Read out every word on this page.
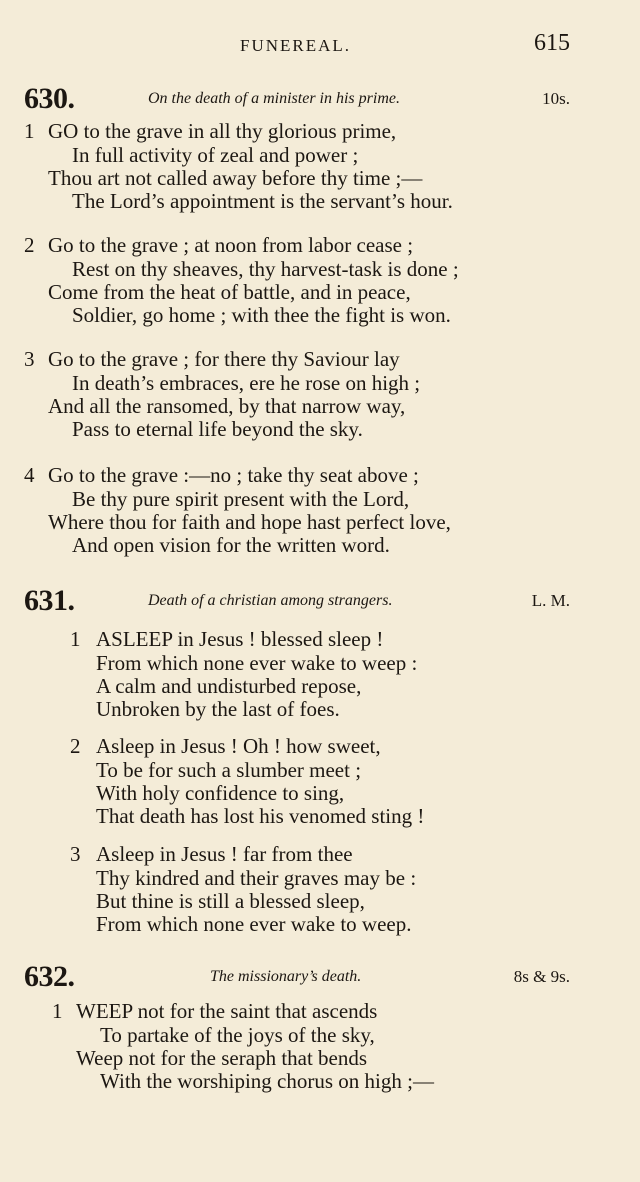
FUNEREAL.	615
630.	On the death of a minister in his prime.	10s.
1 GO to the grave in all thy glorious prime,
In full activity of zeal and power ;
Thou art not called away before thy time ;—
The Lord’s appointment is the servant’s hour.
2 Go to the grave ; at noon from labor cease ;
Rest on thy sheaves, thy harvest-task is done ;
Come from the heat of battle, and in peace,
Soldier, go home ; with thee the fight is won.
3 Go to the grave ; for there thy Saviour lay
In death’s embraces, ere he rose on high ;
And all the ransomed, by that narrow way,
Pass to eternal life beyond the sky.
4 Go to the grave :—no ; take thy seat above ;
Be thy pure spirit present with the Lord,
Where thou for faith and hope hast perfect love,
And open vision for the written word.
631.	Death of a christian among strangers.	L. M.
1 ASLEEP in Jesus ! blessed sleep !
From which none ever wake to weep :
A calm and undisturbed repose,
Unbroken by the last of foes.
2 Asleep in Jesus ! Oh ! how sweet,
To be for such a slumber meet ;
With holy confidence to sing,
That death has lost his venomed sting !
3 Asleep in Jesus ! far from thee
Thy kindred and their graves may be :
But thine is still a blessed sleep,
From which none ever wake to weep.
632.	The missionary’s death.	8s & 9s.
1 WEEP not for the saint that ascends
To partake of the joys of the sky,
Weep not for the seraph that bends
With the worshiping chorus on high ;—
